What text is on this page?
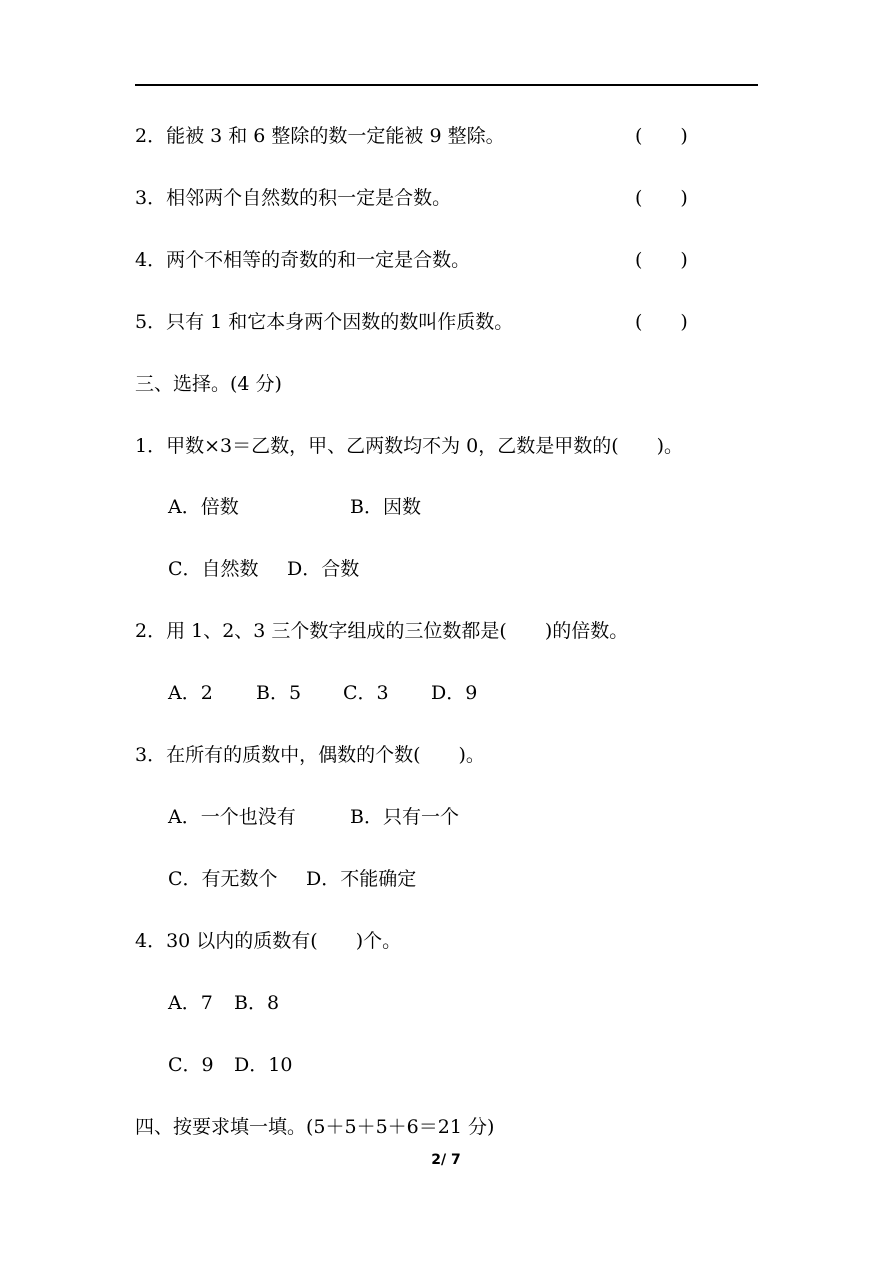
2．能被 3 和 6 整除的数一定能被 9 整除。	(　　)
3．相邻两个自然数的积一定是合数。	(　　)
4．两个不相等的奇数的和一定是合数。	(　　)
5．只有 1 和它本身两个因数的数叫作质数。	(　　)
三、选择。(4 分)
1．甲数×3＝乙数，甲、乙两数均不为 0，乙数是甲数的(　　)。
A．倍数	B．因数
C．自然数 D．合数
2．用 1、2、3 三个数字组成的三位数都是(　　)的倍数。
A．2 B．5 C．3 D．9
3．在所有的质数中，偶数的个数(　　)。
A．一个也没有	B．只有一个
C．有无数个 D．不能确定
4．30 以内的质数有(　　)个。
A．7 B．8
C．9 D．10
四、按要求填一填。(5＋5＋5＋6＝21 分)
2/ 7
